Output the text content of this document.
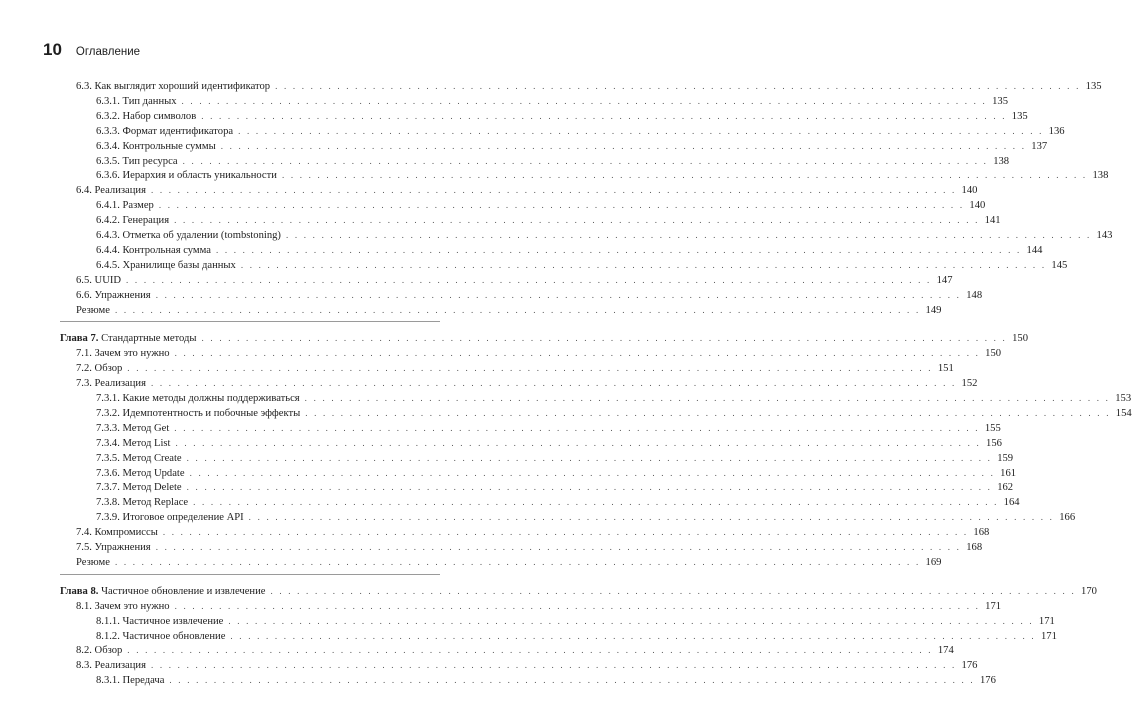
10 Оглавление
6.3. Как выглядит хороший идентификатор . . . . . . . . . . . . . . . . . . . . . . . . . . . . . . . . . . . . . . . . . . . . . . . . . . . . . . . . . . . . . . . . . . . . . . . . . . . . . . . . . . . . . . . . . . . 135
6.3.1. Тип данных . . . . . . . . . . . . . . . . . . . . . . . . . . . . . . . . . . . . . . . . . . . . . . . . . . . . . . . . . . . . . . . . . . . . . . . . . . . . . . . . . . . . . . . . . . . 135
6.3.2. Набор символов . . . . . . . . . . . . . . . . . . . . . . . . . . . . . . . . . . . . . . . . . . . . . . . . . . . . . . . . . . . . . . . . . . . . . . . . . . . . . . . . . . . . . . . . . . . 135
6.3.3. Формат идентификатора . . . . . . . . . . . . . . . . . . . . . . . . . . . . . . . . . . . . . . . . . . . . . . . . . . . . . . . . . . . . . . . . . . . . . . . . . . . . . . . . . . . . . . . . . . . 136
6.3.4. Контрольные суммы . . . . . . . . . . . . . . . . . . . . . . . . . . . . . . . . . . . . . . . . . . . . . . . . . . . . . . . . . . . . . . . . . . . . . . . . . . . . . . . . . . . . . . . . . . . 137
6.3.5. Тип ресурса . . . . . . . . . . . . . . . . . . . . . . . . . . . . . . . . . . . . . . . . . . . . . . . . . . . . . . . . . . . . . . . . . . . . . . . . . . . . . . . . . . . . . . . . . . . 138
6.3.6. Иерархия и область уникальности . . . . . . . . . . . . . . . . . . . . . . . . . . . . . . . . . . . . . . . . . . . . . . . . . . . . . . . . . . . . . . . . . . . . . . . . . . . . . . . . . . . . . . . . . . . 138
6.4. Реализация . . . . . . . . . . . . . . . . . . . . . . . . . . . . . . . . . . . . . . . . . . . . . . . . . . . . . . . . . . . . . . . . . . . . . . . . . . . . . . . . . . . . . . . . . . . 140
6.4.1. Размер . . . . . . . . . . . . . . . . . . . . . . . . . . . . . . . . . . . . . . . . . . . . . . . . . . . . . . . . . . . . . . . . . . . . . . . . . . . . . . . . . . . . . . . . . . . 140
6.4.2. Генерация . . . . . . . . . . . . . . . . . . . . . . . . . . . . . . . . . . . . . . . . . . . . . . . . . . . . . . . . . . . . . . . . . . . . . . . . . . . . . . . . . . . . . . . . . . . 141
6.4.3. Отметка об удалении (tombstoning) . . . . . . . . . . . . . . . . . . . . . . . . . . . . . . . . . . . . . . . . . . . . . . . . . . . . . . . . . . . . . . . . . . . . . . . . . . . . . . . . . . . . . . . . . . . 143
6.4.4. Контрольная сумма . . . . . . . . . . . . . . . . . . . . . . . . . . . . . . . . . . . . . . . . . . . . . . . . . . . . . . . . . . . . . . . . . . . . . . . . . . . . . . . . . . . . . . . . . . . 144
6.4.5. Хранилище базы данных . . . . . . . . . . . . . . . . . . . . . . . . . . . . . . . . . . . . . . . . . . . . . . . . . . . . . . . . . . . . . . . . . . . . . . . . . . . . . . . . . . . . . . . . . . . 145
6.5. UUID . . . . . . . . . . . . . . . . . . . . . . . . . . . . . . . . . . . . . . . . . . . . . . . . . . . . . . . . . . . . . . . . . . . . . . . . . . . . . . . . . . . . . . . . . . . 147
6.6. Упражнения . . . . . . . . . . . . . . . . . . . . . . . . . . . . . . . . . . . . . . . . . . . . . . . . . . . . . . . . . . . . . . . . . . . . . . . . . . . . . . . . . . . . . . . . . . . 148
Резюме . . . . . . . . . . . . . . . . . . . . . . . . . . . . . . . . . . . . . . . . . . . . . . . . . . . . . . . . . . . . . . . . . . . . . . . . . . . . . . . . . . . . . . . . . . . 149
Глава 7. Стандартные методы . . . . . . . . . . . . . . . . . . . . . . . . . . . . . . . . . . . . . . . . . . . . . . . . . . . . . . . . . . . . . . . . . . . . . . . . . . . . . . . . . . . . . . . . . . . 150
7.1. Зачем это нужно . . . . . . . . . . . . . . . . . . . . . . . . . . . . . . . . . . . . . . . . . . . . . . . . . . . . . . . . . . . . . . . . . . . . . . . . . . . . . . . . . . . . . . . . . . . 150
7.2. Обзор . . . . . . . . . . . . . . . . . . . . . . . . . . . . . . . . . . . . . . . . . . . . . . . . . . . . . . . . . . . . . . . . . . . . . . . . . . . . . . . . . . . . . . . . . . . 151
7.3. Реализация . . . . . . . . . . . . . . . . . . . . . . . . . . . . . . . . . . . . . . . . . . . . . . . . . . . . . . . . . . . . . . . . . . . . . . . . . . . . . . . . . . . . . . . . . . . 152
7.3.1. Какие методы должны поддерживаться . . . . . . . . . . . . . . . . . . . . . . . . . . . . . . . . . . . . . . . . . . . . . . . . . . . . . . . . . . . . . . . . . . . . . . . . . . . . . . . . . . . . . . . . . . . 153
7.3.2. Идемпотентность и побочные эффекты . . . . . . . . . . . . . . . . . . . . . . . . . . . . . . . . . . . . . . . . . . . . . . . . . . . . . . . . . . . . . . . . . . . . . . . . . . . . . . . . . . . . . . . . . . . 154
7.3.3. Метод Get . . . . . . . . . . . . . . . . . . . . . . . . . . . . . . . . . . . . . . . . . . . . . . . . . . . . . . . . . . . . . . . . . . . . . . . . . . . . . . . . . . . . . . . . . . . 155
7.3.4. Метод List . . . . . . . . . . . . . . . . . . . . . . . . . . . . . . . . . . . . . . . . . . . . . . . . . . . . . . . . . . . . . . . . . . . . . . . . . . . . . . . . . . . . . . . . . . . 156
7.3.5. Метод Create . . . . . . . . . . . . . . . . . . . . . . . . . . . . . . . . . . . . . . . . . . . . . . . . . . . . . . . . . . . . . . . . . . . . . . . . . . . . . . . . . . . . . . . . . . . 159
7.3.6. Метод Update . . . . . . . . . . . . . . . . . . . . . . . . . . . . . . . . . . . . . . . . . . . . . . . . . . . . . . . . . . . . . . . . . . . . . . . . . . . . . . . . . . . . . . . . . . . 161
7.3.7. Метод Delete . . . . . . . . . . . . . . . . . . . . . . . . . . . . . . . . . . . . . . . . . . . . . . . . . . . . . . . . . . . . . . . . . . . . . . . . . . . . . . . . . . . . . . . . . . . 162
7.3.8. Метод Replace . . . . . . . . . . . . . . . . . . . . . . . . . . . . . . . . . . . . . . . . . . . . . . . . . . . . . . . . . . . . . . . . . . . . . . . . . . . . . . . . . . . . . . . . . . . 164
7.3.9. Итоговое определение API . . . . . . . . . . . . . . . . . . . . . . . . . . . . . . . . . . . . . . . . . . . . . . . . . . . . . . . . . . . . . . . . . . . . . . . . . . . . . . . . . . . . . . . . . . . 166
7.4. Компромиссы . . . . . . . . . . . . . . . . . . . . . . . . . . . . . . . . . . . . . . . . . . . . . . . . . . . . . . . . . . . . . . . . . . . . . . . . . . . . . . . . . . . . . . . . . . . 168
7.5. Упражнения . . . . . . . . . . . . . . . . . . . . . . . . . . . . . . . . . . . . . . . . . . . . . . . . . . . . . . . . . . . . . . . . . . . . . . . . . . . . . . . . . . . . . . . . . . . 168
Резюме . . . . . . . . . . . . . . . . . . . . . . . . . . . . . . . . . . . . . . . . . . . . . . . . . . . . . . . . . . . . . . . . . . . . . . . . . . . . . . . . . . . . . . . . . . . 169
Глава 8. Частичное обновление и извлечение . . . . . . . . . . . . . . . . . . . . . . . . . . . . . . . . . . . . . . . . . . . . . . . . . . . . . . . . . . . . . . . . . . . . . . . . . . . . . . . . . . . . . . . . . . . 170
8.1. Зачем это нужно . . . . . . . . . . . . . . . . . . . . . . . . . . . . . . . . . . . . . . . . . . . . . . . . . . . . . . . . . . . . . . . . . . . . . . . . . . . . . . . . . . . . . . . . . . . 171
8.1.1. Частичное извлечение . . . . . . . . . . . . . . . . . . . . . . . . . . . . . . . . . . . . . . . . . . . . . . . . . . . . . . . . . . . . . . . . . . . . . . . . . . . . . . . . . . . . . . . . . . . 171
8.1.2. Частичное обновление . . . . . . . . . . . . . . . . . . . . . . . . . . . . . . . . . . . . . . . . . . . . . . . . . . . . . . . . . . . . . . . . . . . . . . . . . . . . . . . . . . . . . . . . . . . 171
8.2. Обзор . . . . . . . . . . . . . . . . . . . . . . . . . . . . . . . . . . . . . . . . . . . . . . . . . . . . . . . . . . . . . . . . . . . . . . . . . . . . . . . . . . . . . . . . . . . 174
8.3. Реализация . . . . . . . . . . . . . . . . . . . . . . . . . . . . . . . . . . . . . . . . . . . . . . . . . . . . . . . . . . . . . . . . . . . . . . . . . . . . . . . . . . . . . . . . . . . 176
8.3.1. Передача . . . . . . . . . . . . . . . . . . . . . . . . . . . . . . . . . . . . . . . . . . . . . . . . . . . . . . . . . . . . . . . . . . . . . . . . . . . . . . . . . . . . . . . . . . . 176
